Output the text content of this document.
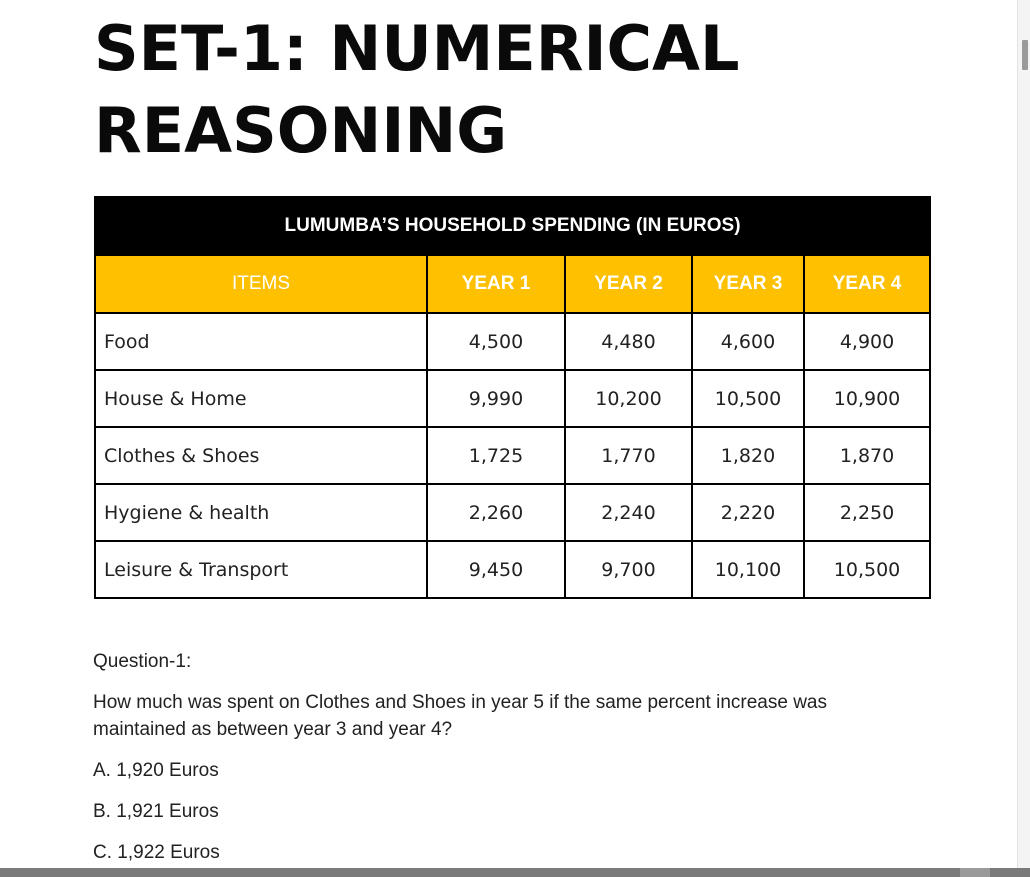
SET-1: NUMERICAL
REASONING
LUMUMBA’S HOUSEHOLD SPENDING (IN EUROS)				
ITEMS	YEAR 1	YEAR 2	YEAR 3	YEAR 4
Food	4,500	4,480	4,600	4,900
House & Home	9,990	10,200	10,500	10,900
Clothes & Shoes	1,725	1,770	1,820	1,870
Hygiene & health	2,260	2,240	2,220	2,250
Leisure & Transport	9,450	9,700	10,100	10,500

Question-1:

How much was spent on Clothes and Shoes in year 5 if the same percent increase was maintained as between year 3 and year 4?

A. 1,920 Euros

B. 1,921 Euros

C. 1,922 Euros
